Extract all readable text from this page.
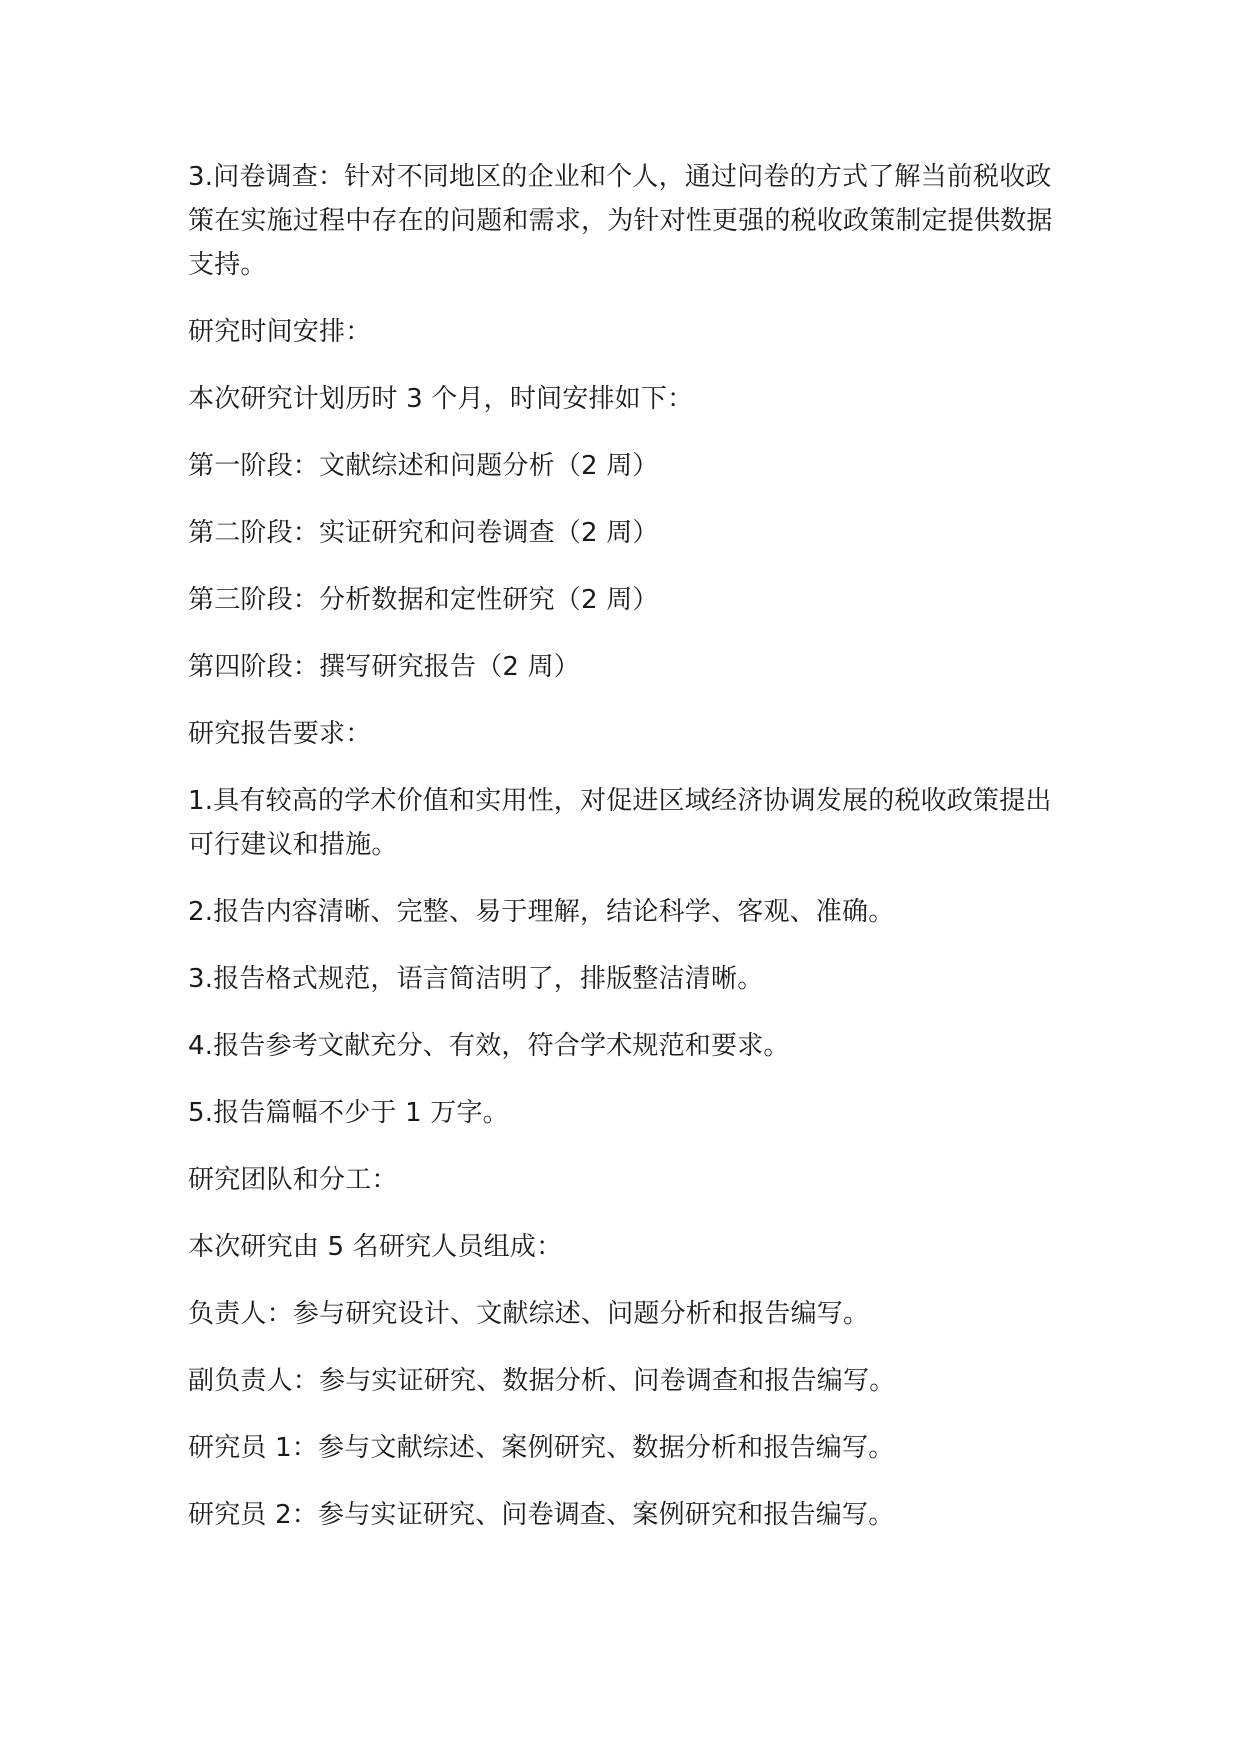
3.问卷调查：针对不同地区的企业和个人，通过问卷的方式了解当前税收政策在实施过程中存在的问题和需求，为针对性更强的税收政策制定提供数据支持。

研究时间安排：

本次研究计划历时 3 个月，时间安排如下：

第一阶段：文献综述和问题分析（2 周）

第二阶段：实证研究和问卷调查（2 周）

第三阶段：分析数据和定性研究（2 周）

第四阶段：撰写研究报告（2 周）

研究报告要求：

1.具有较高的学术价值和实用性，对促进区域经济协调发展的税收政策提出可行建议和措施。

2.报告内容清晰、完整、易于理解，结论科学、客观、准确。

3.报告格式规范，语言简洁明了，排版整洁清晰。

4.报告参考文献充分、有效，符合学术规范和要求。

5.报告篇幅不少于 1 万字。

研究团队和分工：

本次研究由 5 名研究人员组成：

负责人：参与研究设计、文献综述、问题分析和报告编写。

副负责人：参与实证研究、数据分析、问卷调查和报告编写。

研究员 1：参与文献综述、案例研究、数据分析和报告编写。

研究员 2：参与实证研究、问卷调查、案例研究和报告编写。
